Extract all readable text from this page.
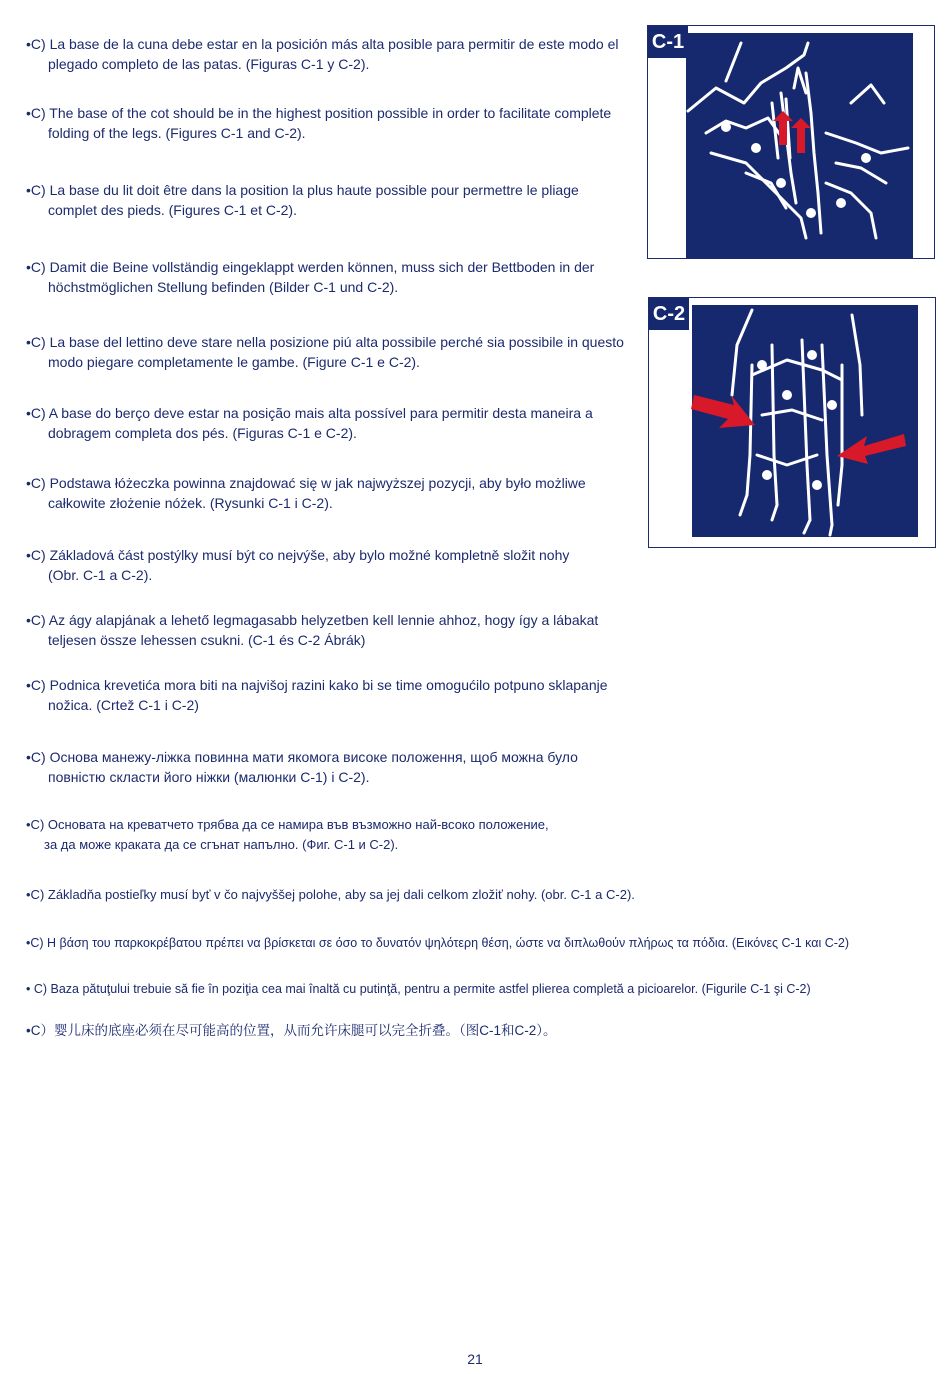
•C) La base de la cuna debe estar en la posición más alta posible para permitir de este modo el
plegado completo de las patas. (Figuras C-1 y C-2).
•C) The base of the cot should be in the highest position possible in order to facilitate complete
folding of the legs. (Figures C-1 and C-2).
•C) La base du lit doit être dans la position la plus haute possible pour permettre le pliage
complet des pieds. (Figures C-1 et C-2).
•C) Damit die Beine vollständig eingeklappt werden können, muss sich der Bettboden in der
höchstmöglichen Stellung befinden (Bilder C-1 und C-2).
•C) La base del lettino deve stare nella posizione piú alta possibile perché sia possibile in questo
modo piegare completamente le gambe. (Figure C-1 e C-2).
•C) A base do berço deve estar na posição mais alta possível para permitir desta maneira a
dobragem completa dos pés. (Figuras C-1 e C-2).
•C) Podstawa łóżeczka powinna znajdować się w jak najwyższej pozycji, aby było możliwe
całkowite złożenie nóżek. (Rysunki C-1 i C-2).
•C) Základová část postýlky musí být co nejvýše, aby bylo možné kompletně složit nohy
(Obr. C-1 a C-2).
•C) Az ágy alapjának a lehető legmagasabb helyzetben kell lennie ahhoz, hogy így a lábakat
teljesen össze lehessen csukni. (C-1 és C-2 Ábrák)
•C) Podnica krevetića mora biti na najvišoj razini kako bi se time omogućilo potpuno sklapanje
nožica. (Crtež C-1 i C-2)
•C) Основа манежу-ліжка повинна мати якомога високе положення, щоб можна було
повністю скласти його ніжки (малюнки С-1) і С-2).
•С) Основата на креватчето трябва да се намира във възможно най-всоко положение,
за да може краката да се сгънат напълно. (Фиг. С-1 и С-2).
•C) Základňa postieľky musí byť v čo najvyššej polohe, aby sa jej dali celkom zložiť nohy. (obr. C-1 a C-2).
•C) Η βάση του παρκοκρέβατου πρέπει να βρίσκεται σε όσο το δυνατόν ψηλότερη θέση, ώστε να διπλωθούν πλήρως τα πόδια. (Εικόνες C-1 και C-2)
• C) Baza pătuţului trebuie să fie în poziţia cea mai înaltă cu putinţă, pentru a permite astfel plierea completă a picioarelor. (Figurile C-1 şi C-2)
•C）婴儿床的底座必须在尽可能高的位置，从而允许床腿可以完全折叠。（图C-1和C-2）。
C-1
C-2
21
